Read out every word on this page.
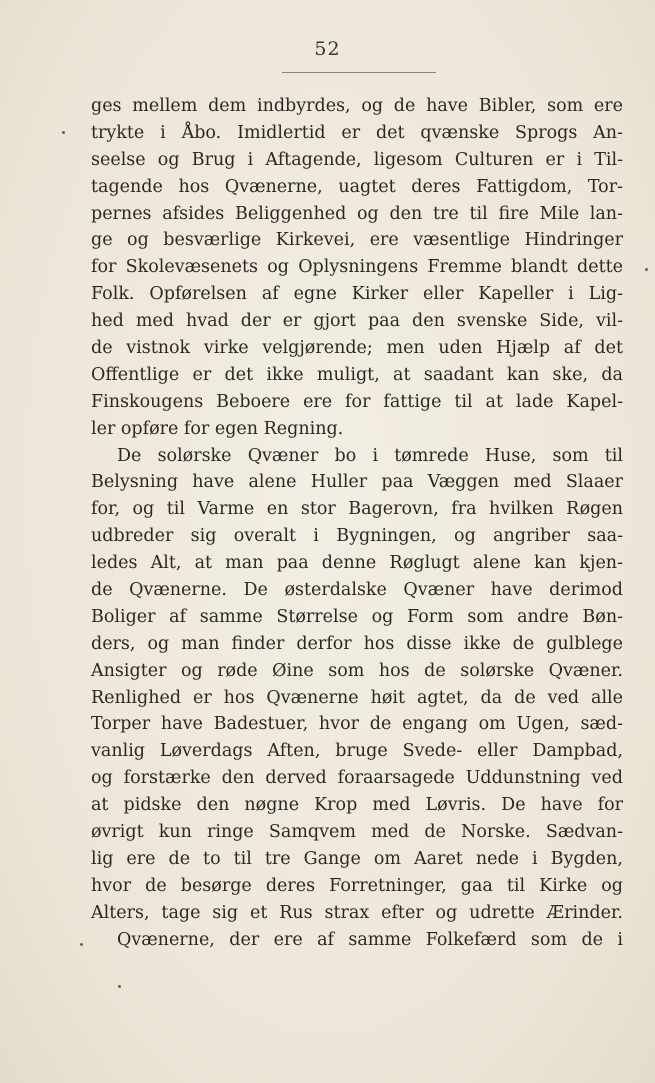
52
ges mellem dem indbyrdes, og de have Bibler, som ere
trykte i Åbo. Imidlertid er det qvænske Sprogs An-
seelse og Brug i Aftagende, ligesom Culturen er i Til-
tagende hos Qvænerne, uagtet deres Fattigdom, Tor-
pernes afsides Beliggenhed og den tre til fire Mile lan-
ge og besværlige Kirkevei, ere væsentlige Hindringer
for Skolevæsenets og Oplysningens Fremme blandt dette
Folk. Opførelsen af egne Kirker eller Kapeller i Lig-
hed med hvad der er gjort paa den svenske Side, vil-
de vistnok virke velgjørende; men uden Hjælp af det
Offentlige er det ikke muligt, at saadant kan ske, da
Finskougens Beboere ere for fattige til at lade Kapel-
ler opføre for egen Regning.
De solørske Qvæner bo i tømrede Huse, som til
Belysning have alene Huller paa Væggen med Slaaer
for, og til Varme en stor Bagerovn, fra hvilken Røgen
udbreder sig overalt i Bygningen, og angriber saa-
ledes Alt, at man paa denne Røglugt alene kan kjen-
de Qvænerne. De østerdalske Qvæner have derimod
Boliger af samme Størrelse og Form som andre Bøn-
ders, og man finder derfor hos disse ikke de gulblege
Ansigter og røde Øine som hos de solørske Qvæner.
Renlighed er hos Qvænerne høit agtet, da de ved alle
Torper have Badestuer, hvor de engang om Ugen, sæd-
vanlig Løverdags Aften, bruge Svede- eller Dampbad,
og forstærke den derved foraarsagede Uddunstning ved
at pidske den nøgne Krop med Løvris. De have for
øvrigt kun ringe Samqvem med de Norske. Sædvan-
lig ere de to til tre Gange om Aaret nede i Bygden,
hvor de besørge deres Forretninger, gaa til Kirke og
Alters, tage sig et Rus strax efter og udrette Ærinder.
Qvænerne, der ere af samme Folkefærd som de i
